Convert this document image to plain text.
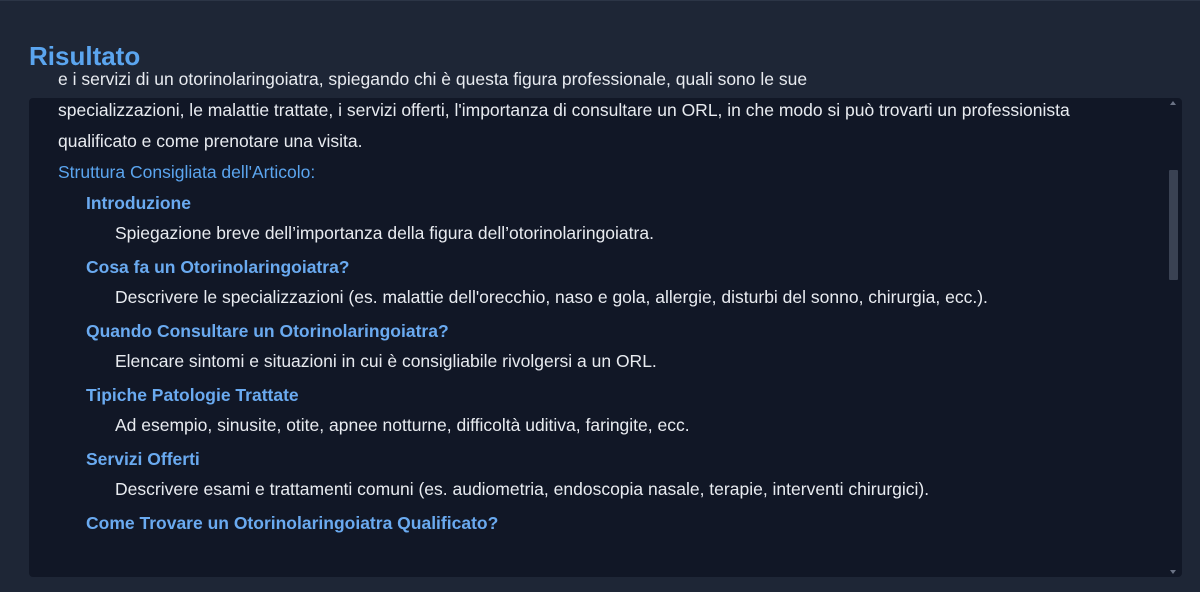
Risultato

e i servizi di un otorinolaringoiatra, spiegando chi è questa figura professionale, quali sono le sue

specializzazioni, le malattie trattate, i servizi offerti, l'importanza di consultare un ORL, in che modo si può trovarti un professionista qualificato e come prenotare una visita.

Struttura Consigliata dell'Articolo:

Introduzione

Spiegazione breve dell’importanza della figura dell’otorinolaringoiatra.

Cosa fa un Otorinolaringoiatra?

Descrivere le specializzazioni (es. malattie dell'orecchio, naso e gola, allergie, disturbi del sonno, chirurgia, ecc.).

Quando Consultare un Otorinolaringoiatra?

Elencare sintomi e situazioni in cui è consigliabile rivolgersi a un ORL.

Tipiche Patologie Trattate

Ad esempio, sinusite, otite, apnee notturne, difficoltà uditiva, faringite, ecc.

Servizi Offerti

Descrivere esami e trattamenti comuni (es. audiometria, endoscopia nasale, terapie, interventi chirurgici).

Come Trovare un Otorinolaringoiatra Qualificato?
